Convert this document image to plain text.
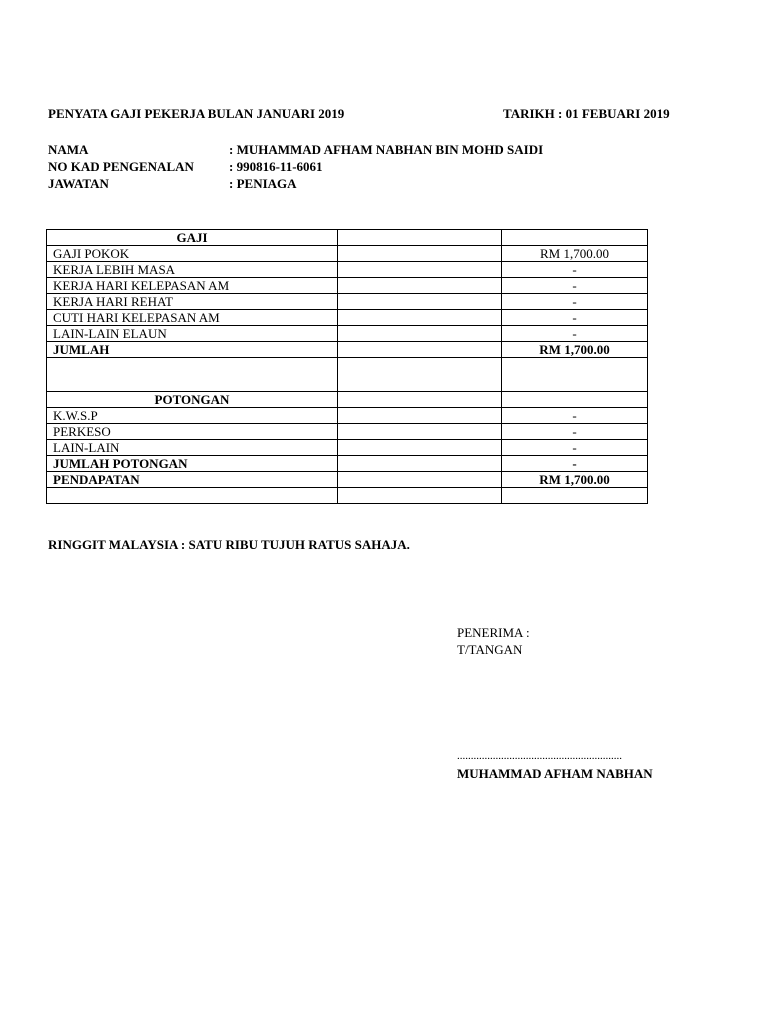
PENYATA GAJI PEKERJA BULAN JANUARI 2019	TARIKH : 01 FEBUARI 2019
NAMA	: MUHAMMAD AFHAM NABHAN BIN MOHD SAIDI
NO KAD PENGENALAN	: 990816-11-6061
JAWATAN	: PENIAGA
GAJI		
GAJI POKOK		RM 1,700.00
KERJA LEBIH MASA		-
KERJA HARI KELEPASAN AM		-
KERJA HARI REHAT		-
CUTI HARI KELEPASAN AM		-
LAIN-LAIN ELAUN		-
JUMLAH		RM 1,700.00

POTONGAN		
K.W.S.P		-
PERKESO		-
LAIN-LAIN		-
JUMLAH POTONGAN		-
PENDAPATAN		RM 1,700.00

RINGGIT MALAYSIA : SATU RIBU TUJUH RATUS SAHAJA.
PENERIMA :
T/TANGAN
............................................................
MUHAMMAD AFHAM NABHAN
